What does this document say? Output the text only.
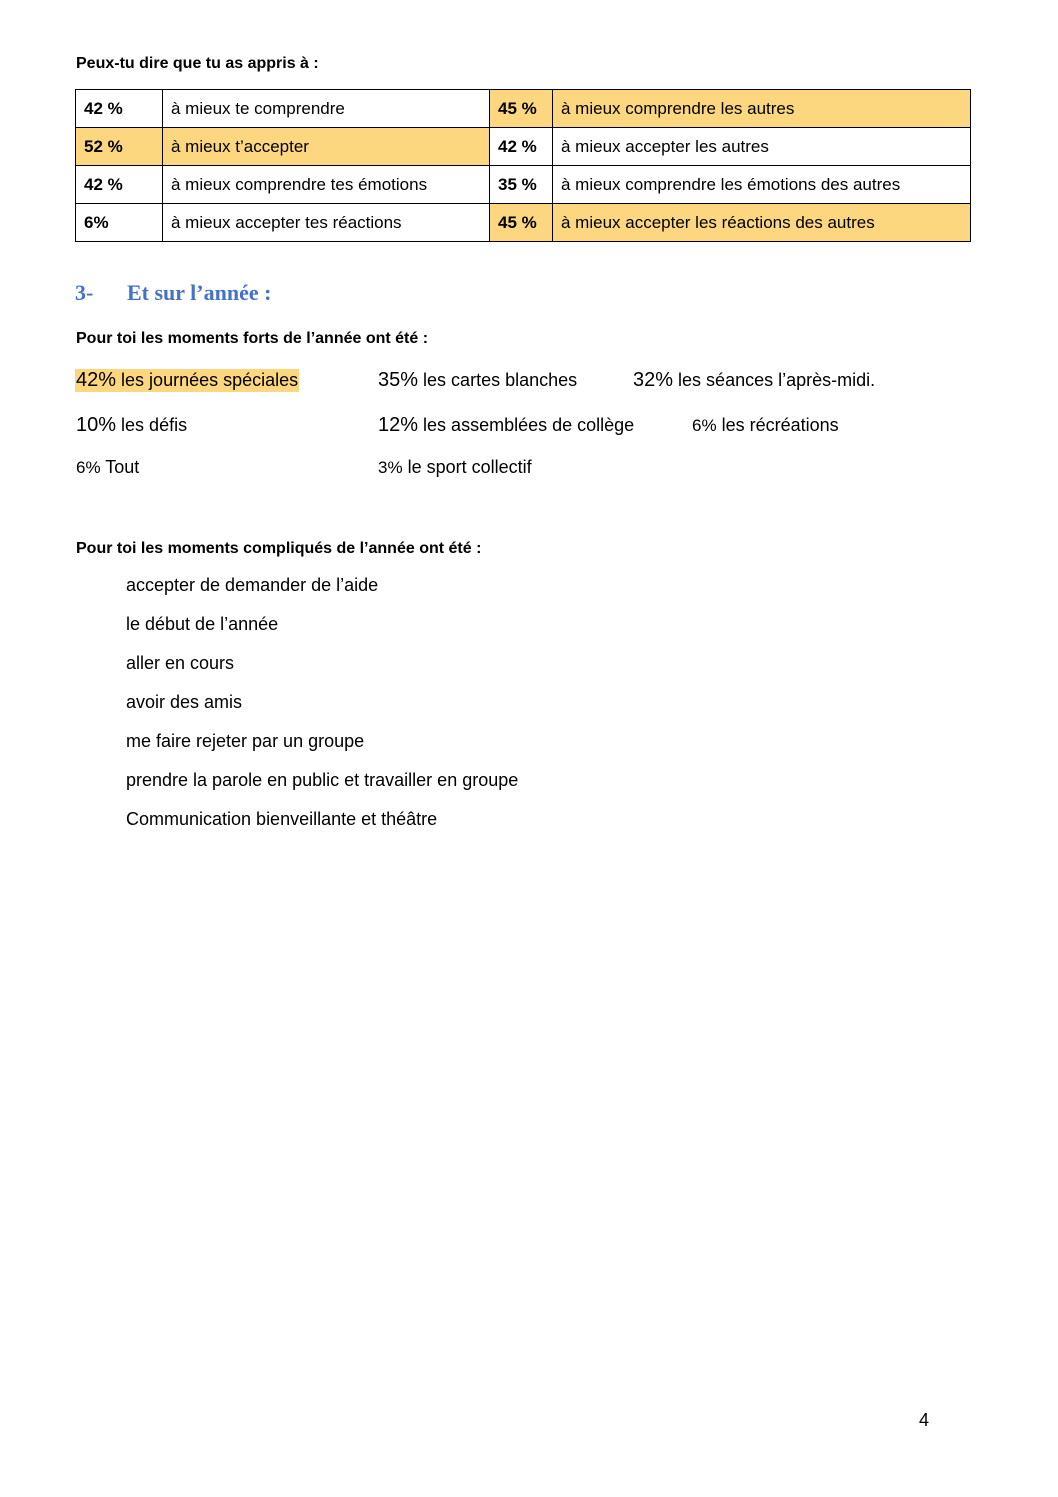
Peux-tu dire que tu as appris à :
42 %	à mieux te comprendre	45 %	à mieux comprendre les autres
52 %	à mieux t’accepter	42 %	à mieux accepter les autres
42 %	à mieux comprendre tes émotions	35 %	à mieux comprendre les émotions des autres
6%	à mieux accepter tes réactions	45 %	à mieux accepter les réactions des autres
3- Et sur l’année :
Pour toi les moments forts de l’année ont été :
42% les journées spéciales	35% les cartes blanches	32% les séances l’après-midi.
10% les défis	12% les assemblées de collège	6% les récréations
6% Tout	3% le sport collectif
Pour toi les moments compliqués de l’année ont été :
accepter de demander de l’aide
le début de l’année
aller en cours
avoir des amis
me faire rejeter par un groupe
prendre la parole en public et travailler en groupe
Communication bienveillante et théâtre
4
